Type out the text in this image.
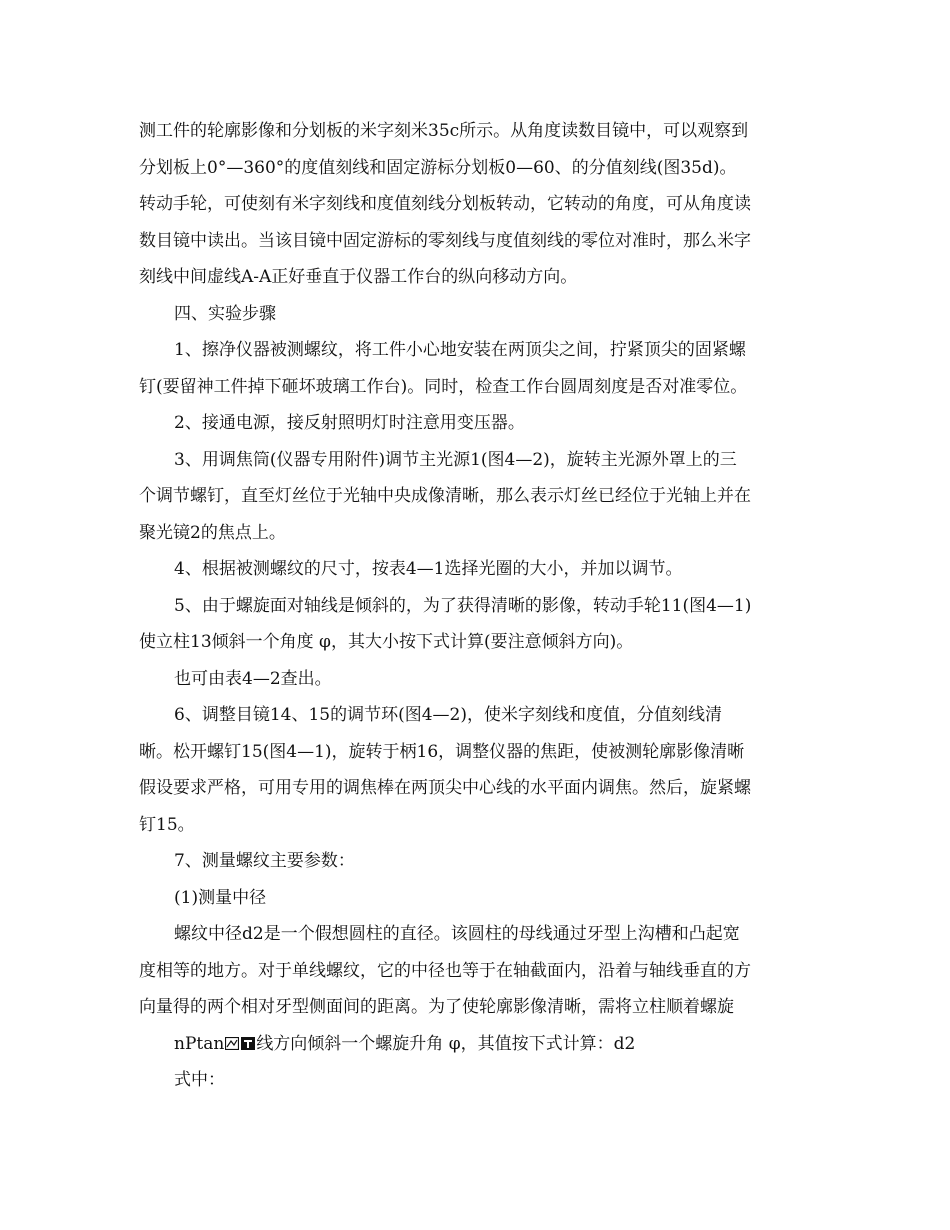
测工件的轮廓影像和分划板的米字刻米35c所示。从角度读数目镜中，可以观察到

分划板上0°—360°的度值刻线和固定游标分划板0—60、的分值刻线(图35d)。

转动手轮，可使刻有米字刻线和度值刻线分划板转动，它转动的角度，可从角度读

数目镜中读出。当该目镜中固定游标的零刻线与度值刻线的零位对准时，那么米字

刻线中间虚线A-A正好垂直于仪器工作台的纵向移动方向。

四、实验步骤

1、擦净仪器被测螺纹，将工件小心地安装在两顶尖之间，拧紧顶尖的固紧螺

钉(要留神工件掉下砸坏玻璃工作台)。同时，检查工作台圆周刻度是否对准零位。

2、接通电源，接反射照明灯时注意用变压器。

3、用调焦筒(仪器专用附件)调节主光源1(图4—2)，旋转主光源外罩上的三

个调节螺钉，直至灯丝位于光轴中央成像清晰，那么表示灯丝已经位于光轴上并在

聚光镜2的焦点上。

4、根据被测螺纹的尺寸，按表4—1选择光圈的大小，并加以调节。

5、由于螺旋面对轴线是倾斜的，为了获得清晰的影像，转动手轮11(图4—1)

使立柱13倾斜一个角度 φ，其大小按下式计算(要注意倾斜方向)。

也可由表4—2查出。

6、调整目镜14、15的调节环(图4—2)，使米字刻线和度值，分值刻线清

晰。松开螺钉15(图4—1)，旋转于柄16，调整仪器的焦距，使被测轮廓影像清晰

假设要求严格，可用专用的调焦棒在两顶尖中心线的水平面内调焦。然后，旋紧螺

钉15。

7、测量螺纹主要参数：

(1)测量中径

螺纹中径d2是一个假想圆柱的直径。该圆柱的母线通过牙型上沟槽和凸起宽

度相等的地方。对于单线螺纹，它的中径也等于在轴截面内，沿着与轴线垂直的方

向量得的两个相对牙型侧面间的距离。为了使轮廓影像清晰，需将立柱顺着螺旋

nPtan 线方向倾斜一个螺旋升角 φ，其值按下式计算：d2

式中：
